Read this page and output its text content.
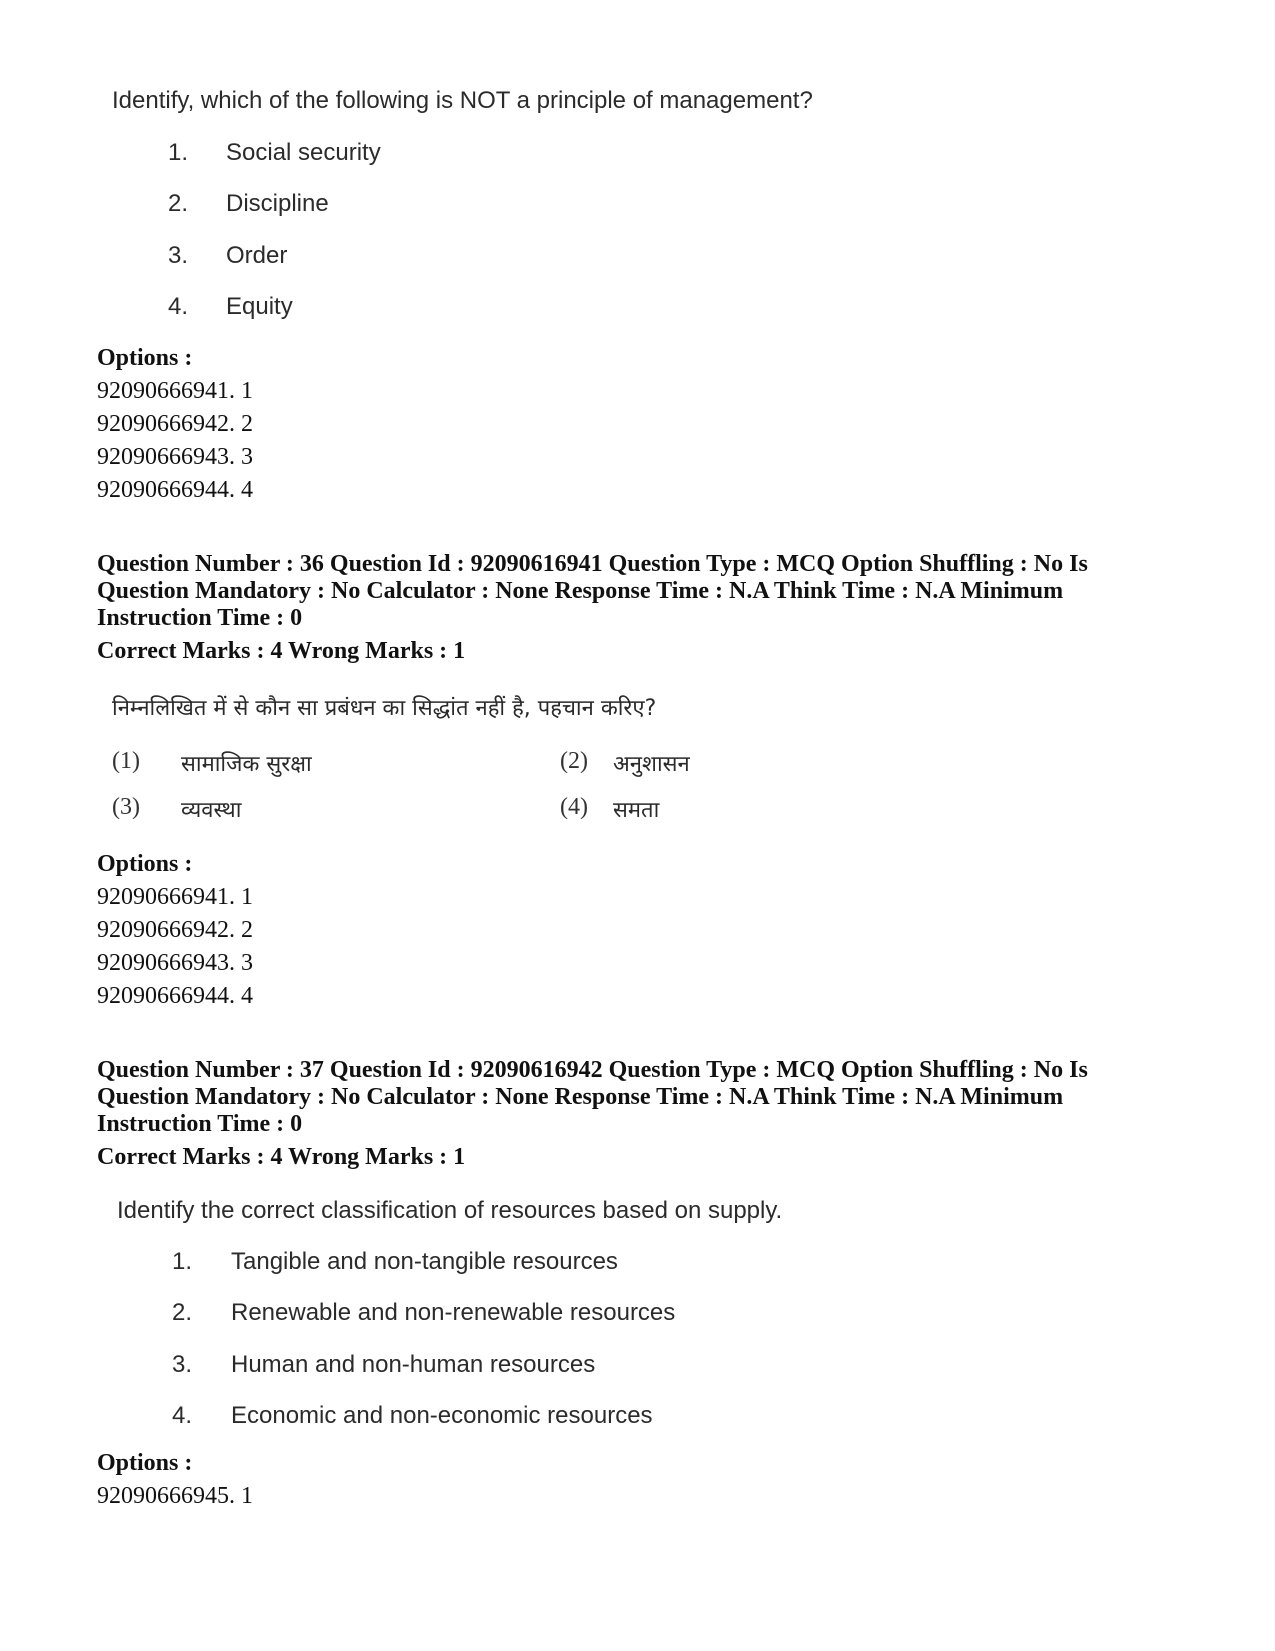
Identify, which of the following is NOT a principle of management?
1. Social security
2. Discipline
3. Order
4. Equity
Options :
92090666941. 1
92090666942. 2
92090666943. 3
92090666944. 4
Question Number : 36 Question Id : 92090616941 Question Type : MCQ Option Shuffling : No Is
Question Mandatory : No Calculator : None Response Time : N.A Think Time : N.A Minimum
Instruction Time : 0
Correct Marks : 4 Wrong Marks : 1
निम्नलिखित में से कौन सा प्रबंधन का सिद्धांत नहीं है, पहचान करिए?
(1) सामाजिक सुरक्षा	(2) अनुशासन
(3) व्यवस्था	(4) समता
Options :
92090666941. 1
92090666942. 2
92090666943. 3
92090666944. 4
Question Number : 37 Question Id : 92090616942 Question Type : MCQ Option Shuffling : No Is
Question Mandatory : No Calculator : None Response Time : N.A Think Time : N.A Minimum
Instruction Time : 0
Correct Marks : 4 Wrong Marks : 1
Identify the correct classification of resources based on supply.
1. Tangible and non-tangible resources
2. Renewable and non-renewable resources
3. Human and non-human resources
4. Economic and non-economic resources
Options :
92090666945. 1
